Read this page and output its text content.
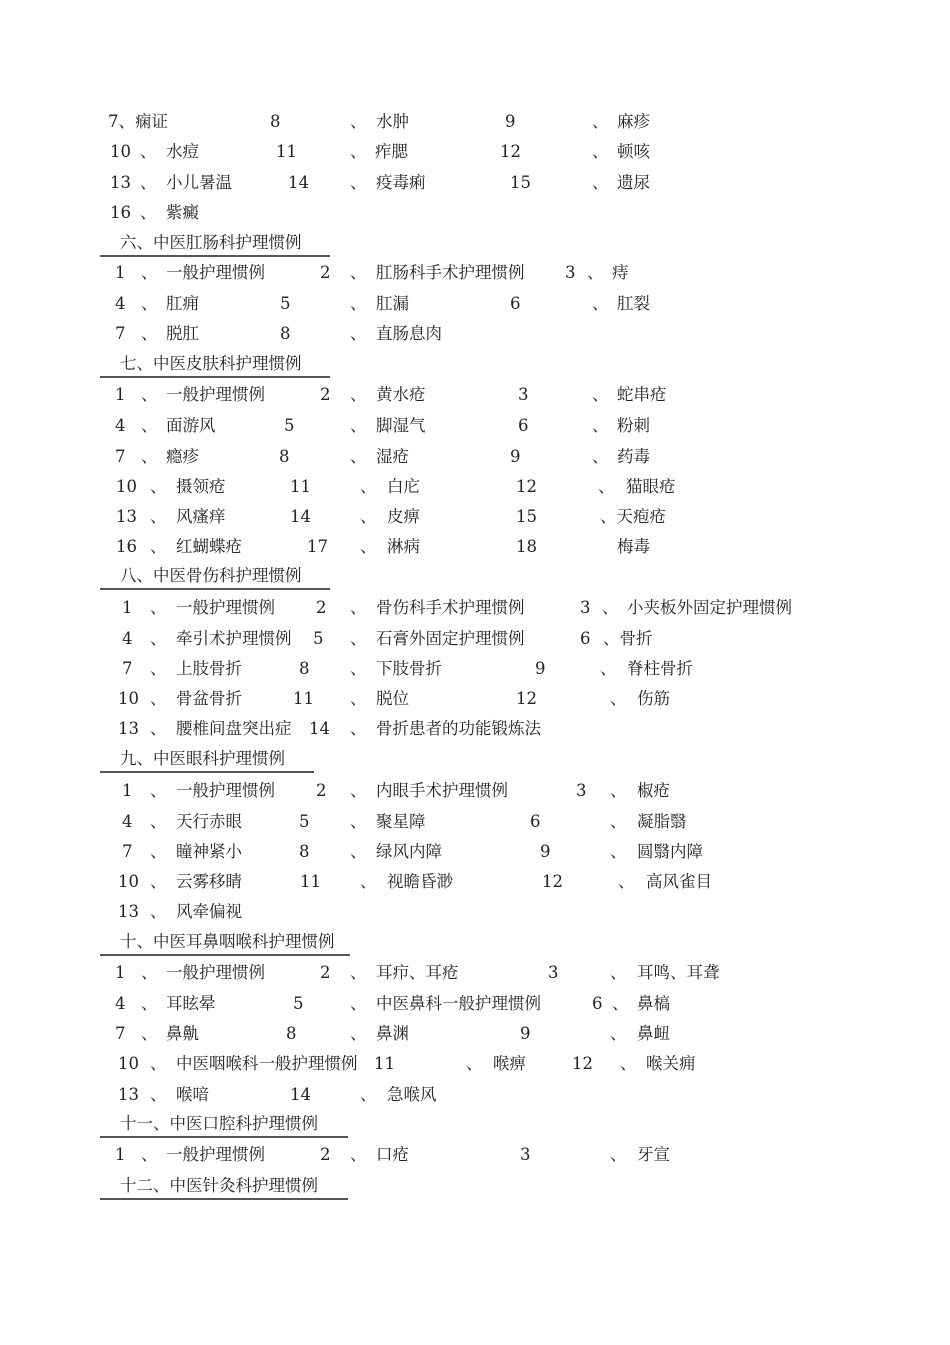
7、痫证	8	、 水肿	9	、 麻疹
10 、 水痘	11	、 痄腮	12	、 顿咳
13 、 小儿暑温	14 、 疫毒痢	15	、 遗尿
16 、 紫癜
1 、 一般护理惯例	2 、 肛肠科手术护理惯例 3 、 痔
4 、 肛痈	5	、 肛漏	6	、 肛裂
7 、 脱肛	8	、 直肠息肉
1 、 一般护理惯例	2 、 黄水疮	3	、 蛇串疮
4 、 面游风	5	、 脚湿气	6	、 粉刺
7 、 瘾疹	8	、 湿疮	9	、 药毒
10 、 摄领疮	11	、 白庀	12	、 猫眼疮
13 、 风瘙痒	14	、 皮痹	15	、天疱疮
16 、 红蝴蝶疮	17 、 淋病	18	梅毒
1 、 一般护理惯例 2 、 骨伤科手术护理惯例	3 、 小夹板外固定护理惯例
4 、 牵引术护理惯例 5 、 石膏外固定护理惯例	6 、骨折
7 、 上肢骨折	8 、 下肢骨折	9	、 脊柱骨折
10 、 骨盆骨折	11 、 脱位	12	、 伤筋
13 、 腰椎间盘突出症 14 、 骨折患者的功能锻炼法
1 、 一般护理惯例 2 、 内眼手术护理惯例	3 、 椒疮
4 、 天行赤眼	5 、 聚星障	6	、 凝脂翳
7 、 瞳神紧小	8 、 绿风内障	9	、 圆翳内障
10 、 云雾移睛	11 、 视瞻昏渺	12	、 高风雀目
13 、 风牵偏视
1 、 一般护理惯例	2 、 耳疖、耳疮	3	、 耳鸣、耳聋
4 、 耳眩晕	5	、 中医鼻科一般护理惯例	6 、 鼻槁
7 、 鼻鼽	8	、 鼻渊	9	、 鼻衄
10 、 中医咽喉科一般护理惯例 11	、 喉痹	12 、 喉关痈
13 、 喉喑	14	、 急喉风
1 、 一般护理惯例	2 、 口疮	3	、 牙宣
六、中医肛肠科护理惯例
七、中医皮肤科护理惯例
八、中医骨伤科护理惯例
九、中医眼科护理惯例
十、中医耳鼻咽喉科护理惯例
十一、中医口腔科护理惯例
十二、中医针灸科护理惯例
